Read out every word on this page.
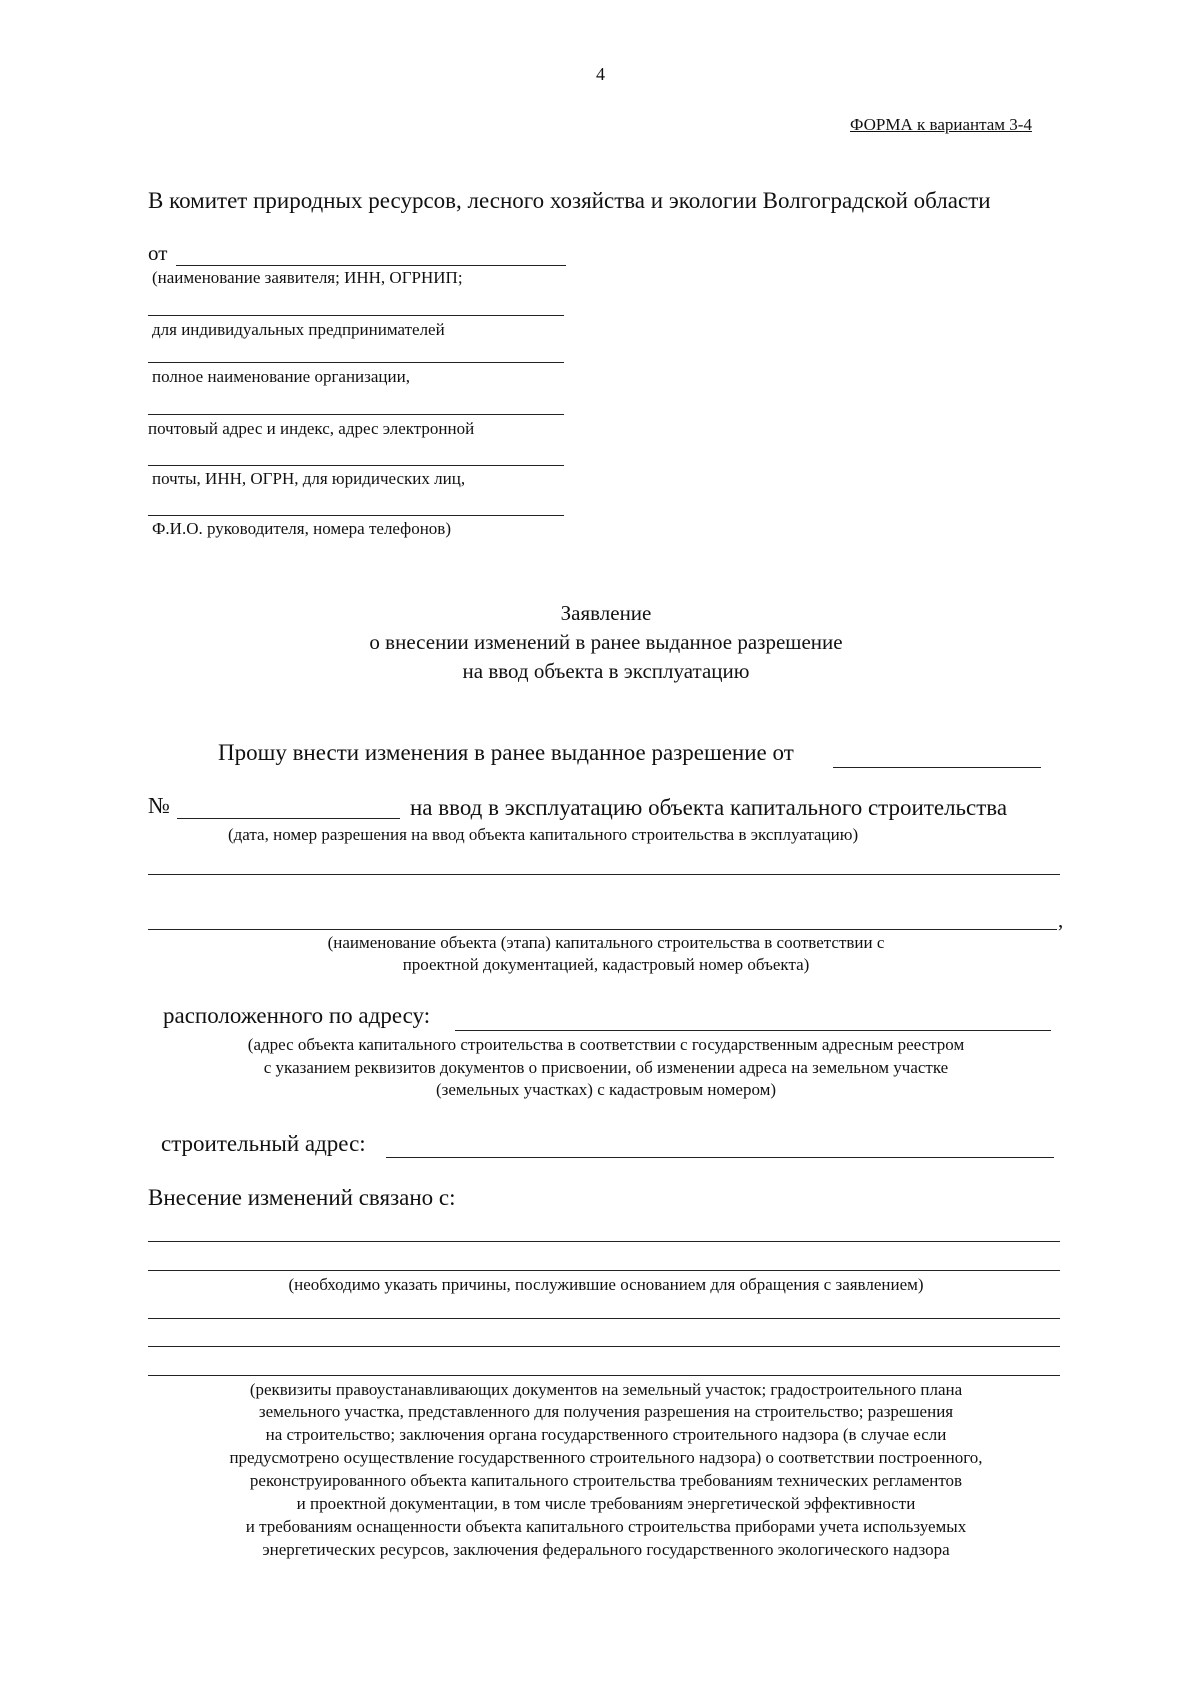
4
ФОРМА к вариантам 3-4
В комитет природных ресурсов, лесного хозяйства и экологии Волгоградской области
от
(наименование заявителя; ИНН, ОГРНИП;
для индивидуальных предпринимателей
полное наименование организации,
почтовый адрес и индекс, адрес электронной
почты, ИНН, ОГРН, для юридических лиц,
Ф.И.О. руководителя, номера телефонов)
Заявление
о внесении изменений в ранее выданное разрешение
на ввод объекта в эксплуатацию
Прошу внести изменения в ранее выданное разрешение от
№	на ввод в эксплуатацию объекта капитального строительства
(дата, номер разрешения на ввод объекта капитального строительства в эксплуатацию)
,
(наименование объекта (этапа) капитального строительства в соответствии с
проектной документацией, кадастровый номер объекта)
расположенного по адресу:
(адрес объекта капитального строительства в соответствии с государственным адресным реестром
с указанием реквизитов документов о присвоении, об изменении адреса на земельном участке
(земельных участках) с кадастровым номером)
строительный адрес:
Внесение изменений связано с:
(необходимо указать причины, послужившие основанием для обращения с заявлением)
(реквизиты правоустанавливающих документов на земельный участок; градостроительного плана
земельного участка, представленного для получения разрешения на строительство; разрешения
на строительство; заключения органа государственного строительного надзора (в случае если
предусмотрено осуществление государственного строительного надзора) о соответствии построенного,
реконструированного объекта капитального строительства требованиям технических регламентов
и проектной документации, в том числе требованиям энергетической эффективности
и требованиям оснащенности объекта капитального строительства приборами учета используемых
энергетических ресурсов, заключения федерального государственного экологического надзора
